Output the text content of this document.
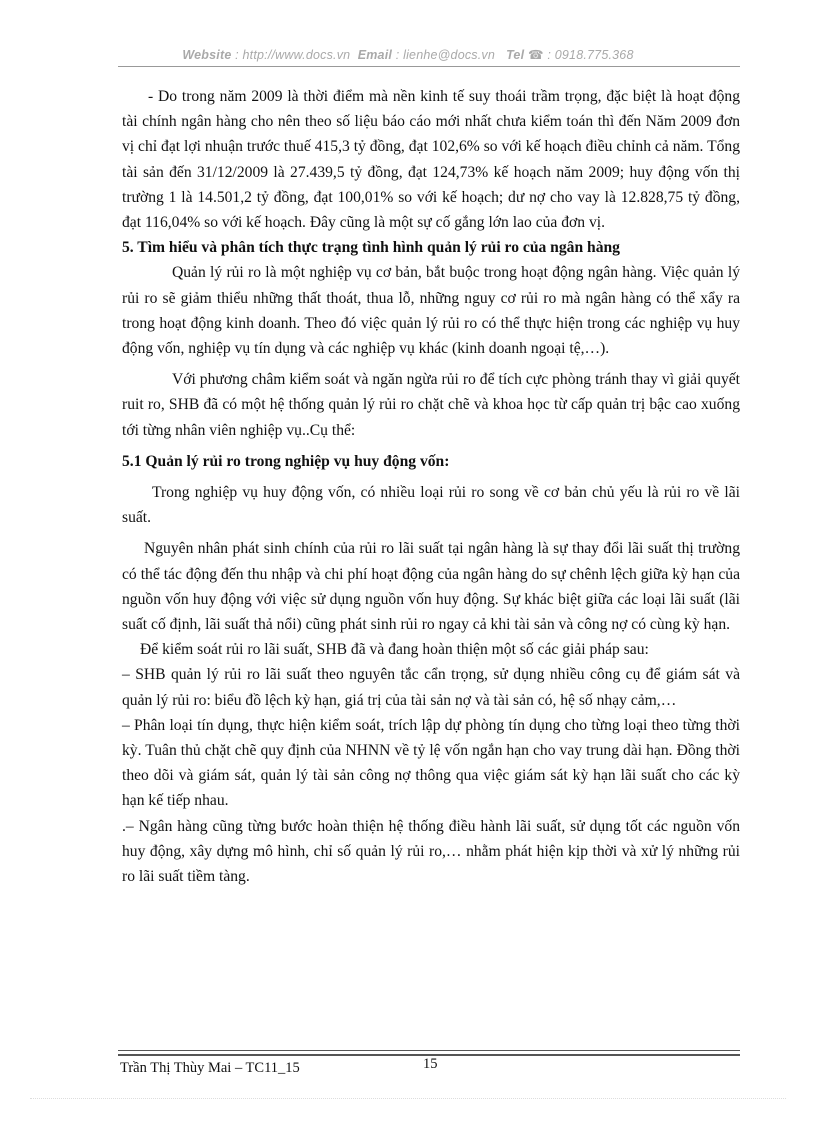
Website : http://www.docs.vn Email : lienhe@docs.vn Tel ☎ : 0918.775.368

- Do trong năm 2009 là thời điểm mà nền kinh tế suy thoái trầm trọng, đặc biệt là hoạt động tài chính ngân hàng cho nên theo số liệu báo cáo mới nhất chưa kiểm toán thì đến Năm 2009 đơn vị chỉ đạt lợi nhuận trước thuế 415,3 tỷ đồng, đạt 102,6% so với kế hoạch điều chỉnh cả năm. Tổng tài sản đến 31/12/2009 là 27.439,5 tỷ đồng, đạt 124,73% kế hoạch năm 2009; huy động vốn thị trường 1 là 14.501,2 tỷ đồng, đạt 100,01% so với kế hoạch; dư nợ cho vay là 12.828,75 tỷ đồng, đạt 116,04% so với kế hoạch. Đây cũng là một sự cố gắng lớn lao của đơn vị.

5. Tìm hiểu và phân tích thực trạng tình hình quản lý rủi ro của ngân hàng

Quản lý rủi ro là một nghiệp vụ cơ bản, bắt buộc trong hoạt động ngân hàng. Việc quản lý rủi ro sẽ giảm thiểu những thất thoát, thua lỗ, những nguy cơ rủi ro mà ngân hàng có thể xẩy ra trong hoạt động kinh doanh. Theo đó việc quản lý rủi ro có thể thực hiện trong các nghiệp vụ huy động vốn, nghiệp vụ tín dụng và các nghiệp vụ khác (kinh doanh ngoại tệ,…).

Với phương châm kiểm soát và ngăn ngừa rủi ro để tích cực phòng tránh thay vì giải quyết ruit ro, SHB đã có một hệ thống quản lý rủi ro chặt chẽ và khoa học từ cấp quản trị bậc cao xuống tới từng nhân viên nghiệp vụ..Cụ thể:

5.1 Quản lý rủi ro trong nghiệp vụ huy động vốn:

Trong nghiệp vụ huy động vốn, có nhiều loại rủi ro song về cơ bản chủ yếu là rủi ro về lãi suất.

Nguyên nhân phát sinh chính của rủi ro lãi suất tại ngân hàng là sự thay đổi lãi suất thị trường có thể tác động đến thu nhập và chi phí hoạt động của ngân hàng do sự chênh lệch giữa kỳ hạn của nguồn vốn huy động với việc sử dụng nguồn vốn huy động. Sự khác biệt giữa các loại lãi suất (lãi suất cố định, lãi suất thả nổi) cũng phát sinh rủi ro ngay cả khi tài sản và công nợ có cùng kỳ hạn.

Để kiểm soát rủi ro lãi suất, SHB đã và đang hoàn thiện một số các giải pháp sau:

– SHB quản lý rủi ro lãi suất theo nguyên tắc cẩn trọng, sử dụng nhiều công cụ để giám sát và quản lý rủi ro: biểu đồ lệch kỳ hạn, giá trị của tài sản nợ và tài sản có, hệ số nhạy cảm,…

– Phân loại tín dụng, thực hiện kiểm soát, trích lập dự phòng tín dụng cho từng loại theo từng thời kỳ. Tuân thủ chặt chẽ quy định của NHNN về tỷ lệ vốn ngắn hạn cho vay trung dài hạn. Đồng thời theo dõi và giám sát, quản lý tài sản công nợ thông qua việc giám sát kỳ hạn lãi suất cho các kỳ hạn kế tiếp nhau.

.– Ngân hàng cũng từng bước hoàn thiện hệ thống điều hành lãi suất, sử dụng tốt các nguồn vốn huy động, xây dựng mô hình, chỉ số quản lý rủi ro,… nhằm phát hiện kịp thời và xử lý những rủi ro lãi suất tiềm tàng.

Trần Thị Thùy Mai – TC11_15	15
